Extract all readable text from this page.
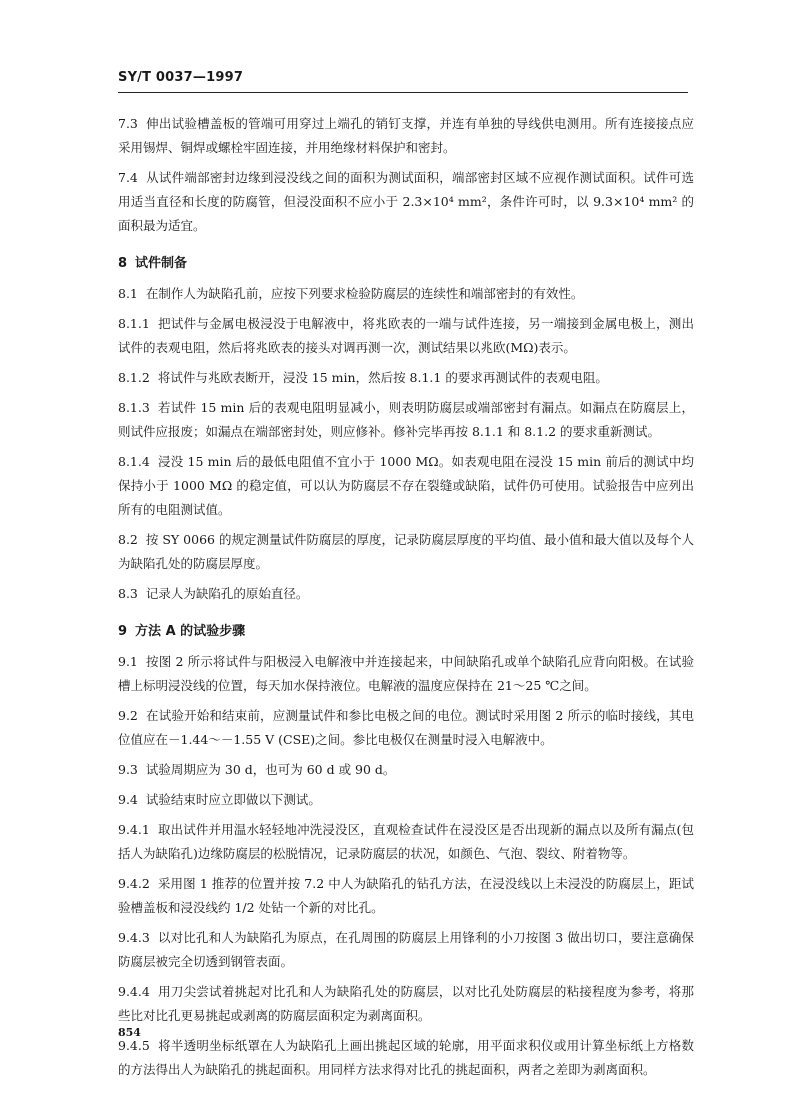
SY/T 0037—1997

7.3 伸出试验槽盖板的管端可用穿过上端孔的销钉支撑，并连有单独的导线供电测用。所有连接接点应采用锡焊、铜焊或螺栓牢固连接，并用绝缘材料保护和密封。

7.4 从试件端部密封边缘到浸没线之间的面积为测试面积，端部密封区域不应视作测试面积。试件可选用适当直径和长度的防腐管，但浸没面积不应小于 2.3×10⁴ mm²，条件许可时，以 9.3×10⁴ mm² 的面积最为适宜。

8 试件制备

8.1 在制作人为缺陷孔前，应按下列要求检验防腐层的连续性和端部密封的有效性。

8.1.1 把试件与金属电极浸没于电解液中，将兆欧表的一端与试件连接，另一端接到金属电极上，测出试件的表观电阻，然后将兆欧表的接头对调再测一次，测试结果以兆欧(MΩ)表示。

8.1.2 将试件与兆欧表断开，浸没 15 min，然后按 8.1.1 的要求再测试件的表观电阻。

8.1.3 若试件 15 min 后的表观电阻明显减小，则表明防腐层或端部密封有漏点。如漏点在防腐层上，则试件应报废；如漏点在端部密封处，则应修补。修补完毕再按 8.1.1 和 8.1.2 的要求重新测试。

8.1.4 浸没 15 min 后的最低电阻值不宜小于 1000 MΩ。如表观电阻在浸没 15 min 前后的测试中均保持小于 1000 MΩ 的稳定值，可以认为防腐层不存在裂缝或缺陷，试件仍可使用。试验报告中应列出所有的电阻测试值。

8.2 按 SY 0066 的规定测量试件防腐层的厚度，记录防腐层厚度的平均值、最小值和最大值以及每个人为缺陷孔处的防腐层厚度。

8.3 记录人为缺陷孔的原始直径。

9 方法 A 的试验步骤

9.1 按图 2 所示将试件与阳极浸入电解液中并连接起来，中间缺陷孔或单个缺陷孔应背向阳极。在试验槽上标明浸没线的位置，每天加水保持液位。电解液的温度应保持在 21～25 ℃之间。

9.2 在试验开始和结束前，应测量试件和参比电极之间的电位。测试时采用图 2 所示的临时接线，其电位值应在－1.44～－1.55 V (CSE)之间。参比电极仅在测量时浸入电解液中。

9.3 试验周期应为 30 d，也可为 60 d 或 90 d。

9.4 试验结束时应立即做以下测试。

9.4.1 取出试件并用温水轻轻地冲洗浸没区，直观检查试件在浸没区是否出现新的漏点以及所有漏点(包括人为缺陷孔)边缘防腐层的松脱情况，记录防腐层的状况，如颜色、气泡、裂纹、附着物等。

9.4.2 采用图 1 推荐的位置并按 7.2 中人为缺陷孔的钻孔方法，在浸没线以上未浸没的防腐层上，距试验槽盖板和浸没线约 1/2 处钻一个新的对比孔。

9.4.3 以对比孔和人为缺陷孔为原点，在孔周围的防腐层上用锋利的小刀按图 3 做出切口，要注意确保防腐层被完全切透到钢管表面。

9.4.4 用刀尖尝试着挑起对比孔和人为缺陷孔处的防腐层，以对比孔处防腐层的粘接程度为参考，将那些比对比孔更易挑起或剥离的防腐层面积定为剥离面积。

9.4.5 将半透明坐标纸罩在人为缺陷孔上画出挑起区域的轮廓，用平面求积仪或用计算坐标纸上方格数的方法得出人为缺陷孔的挑起面积。用同样方法求得对比孔的挑起面积，两者之差即为剥离面积。

854
